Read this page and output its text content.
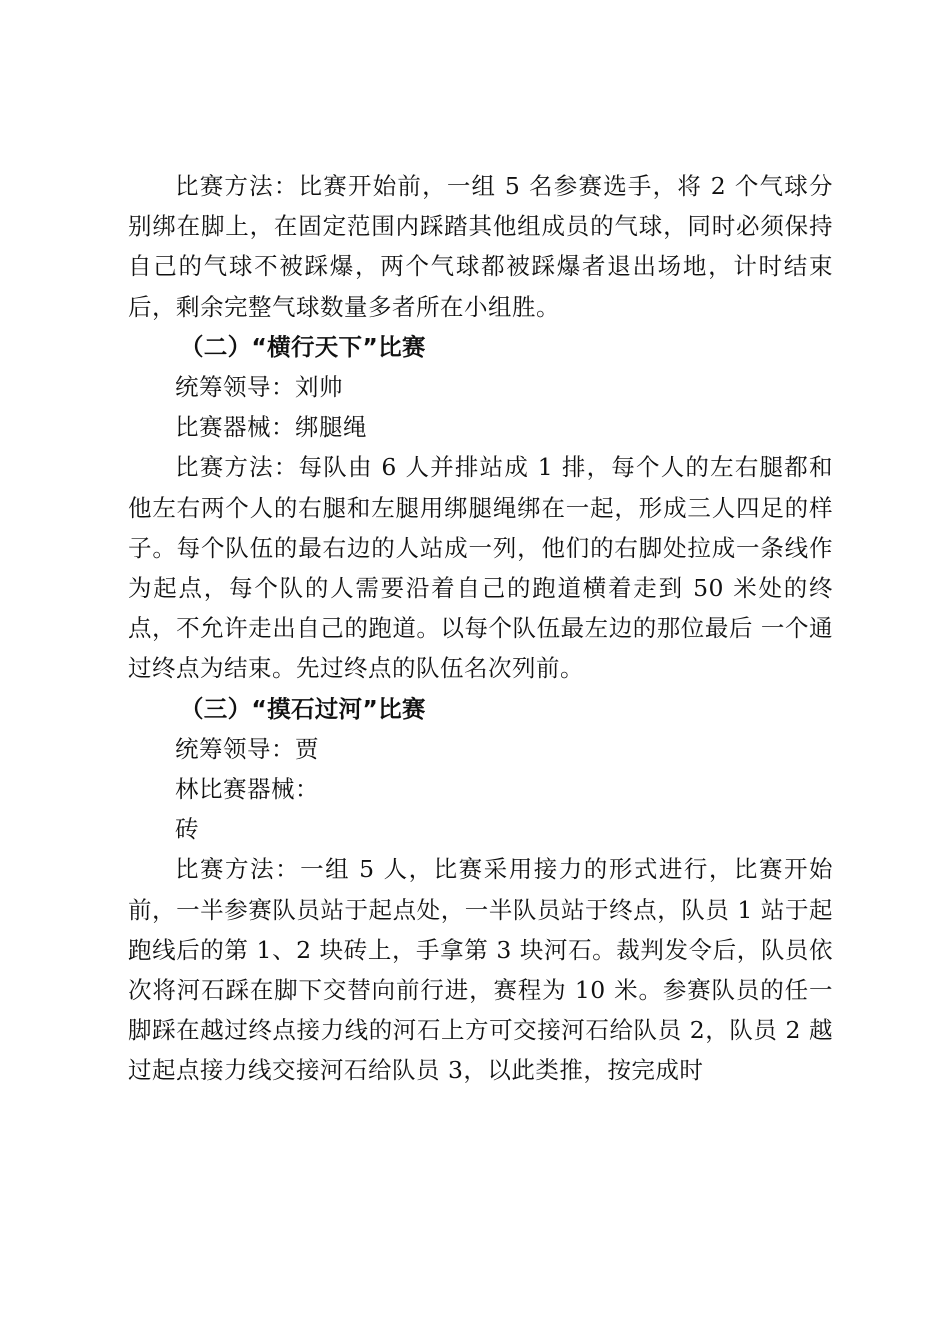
比赛方法：比赛开始前，一组 5 名参赛选手，将 2 个气球分别绑在脚上，在固定范围内踩踏其他组成员的气球，同时必须保持自己的气球不被踩爆，两个气球都被踩爆者退出场地，计时结束后，剩余完整气球数量多者所在小组胜。

（二）“横行天下”比赛

统筹领导：刘帅

比赛器械：绑腿绳

比赛方法：每队由 6 人并排站成 1 排，每个人的左右腿都和他左右两个人的右腿和左腿用绑腿绳绑在一起，形成三人四足的样子。每个队伍的最右边的人站成一列，他们的右脚处拉成一条线作为起点，每个队的人需要沿着自己的跑道横着走到 50 米处的终点，不允许走出自己的跑道。以每个队伍最左边的那位最后 一个通过终点为结束。先过终点的队伍名次列前。

（三）“摸石过河”比赛

统筹领导：贾

林比赛器械：

砖

比赛方法：一组 5 人，比赛采用接力的形式进行，比赛开始前，一半参赛队员站于起点处，一半队员站于终点，队员 1 站于起跑线后的第 1、2 块砖上，手拿第 3 块河石。裁判发令后，队员依次将河石踩在脚下交替向前行进，赛程为 10 米。参赛队员的任一脚踩在越过终点接力线的河石上方可交接河石给队员 2，队员 2 越过起点接力线交接河石给队员 3，以此类推，按完成时
